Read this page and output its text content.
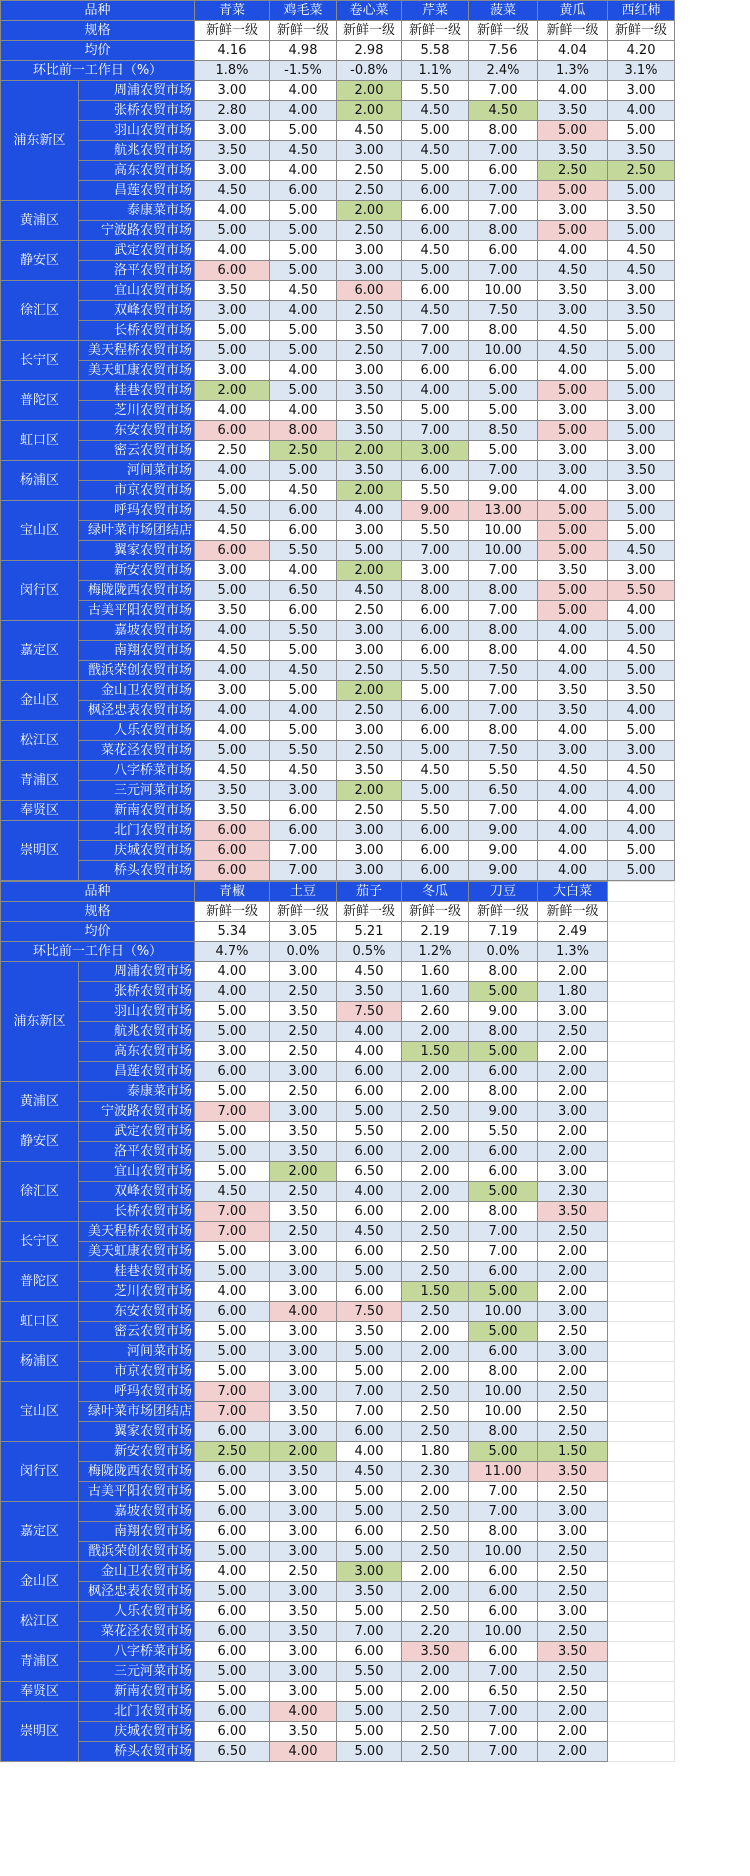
品种		青菜	鸡毛菜	卷心菜	芹菜	菠菜	黄瓜	西红柿
规格		新鲜一级	新鲜一级	新鲜一级	新鲜一级	新鲜一级	新鲜一级	新鲜一级
均价		4.16	4.98	2.98	5.58	7.56	4.04	4.20
环比前一工作日（%）		1.8%	-1.5%	-0.8%	1.1%	2.4%	1.3%	3.1%
浦东新区	周浦农贸市场	3.00	4.00	2.00	5.50	7.00	4.00	3.00
	张桥农贸市场	2.80	4.00	2.00	4.50	4.50	3.50	4.00
	羽山农贸市场	3.00	5.00	4.50	5.00	8.00	5.00	5.00
	航兆农贸市场	3.50	4.50	3.00	4.50	7.00	3.50	3.50
	高东农贸市场	3.00	4.00	2.50	5.00	6.00	2.50	2.50
	昌莲农贸市场	4.50	6.00	2.50	6.00	7.00	5.00	5.00
黄浦区	泰康菜市场	4.00	5.00	2.00	6.00	7.00	3.00	3.50
	宁波路农贸市场	5.00	5.00	2.50	6.00	8.00	5.00	5.00
静安区	武定农贸市场	4.00	5.00	3.00	4.50	6.00	4.00	4.50
	洛平农贸市场	6.00	5.00	3.00	5.00	7.00	4.50	4.50
徐汇区	宜山农贸市场	3.50	4.50	6.00	6.00	10.00	3.50	3.00
	双峰农贸市场	3.00	4.00	2.50	4.50	7.50	3.00	3.50
	长桥农贸市场	5.00	5.00	3.50	7.00	8.00	4.50	5.00
长宁区	美天程桥农贸市场	5.00	5.00	2.50	7.00	10.00	4.50	5.00
	美天虹康农贸市场	3.00	4.00	3.00	6.00	6.00	4.00	5.00
普陀区	桂巷农贸市场	2.00	5.00	3.50	4.00	5.00	5.00	5.00
	芝川农贸市场	4.00	4.00	3.50	5.00	5.00	3.00	3.00
虹口区	东安农贸市场	6.00	8.00	3.50	7.00	8.50	5.00	5.00
	密云农贸市场	2.50	2.50	2.00	3.00	5.00	3.00	3.00
杨浦区	河间菜市场	4.00	5.00	3.50	6.00	7.00	3.00	3.50
	市京农贸市场	5.00	4.50	2.00	5.50	9.00	4.00	3.00
宝山区	呼玛农贸市场	4.50	6.00	4.00	9.00	13.00	5.00	5.00
	绿叶菜市场团结店	4.50	6.00	3.00	5.50	10.00	5.00	5.00
	翼家农贸市场	6.00	5.50	5.00	7.00	10.00	5.00	4.50
闵行区	新安农贸市场	3.00	4.00	2.00	3.00	7.00	3.50	3.00
	梅陇陇西农贸市场	5.00	6.50	4.50	8.00	8.00	5.00	5.50
	古美平阳农贸市场	3.50	6.00	2.50	6.00	7.00	5.00	4.00
嘉定区	嘉坡农贸市场	4.00	5.50	3.00	6.00	8.00	4.00	5.00
	南翔农贸市场	4.50	5.00	3.00	6.00	8.00	4.00	4.50
	戬浜荣创农贸市场	4.00	4.50	2.50	5.50	7.50	4.00	5.00
金山区	金山卫农贸市场	3.00	5.00	2.00	5.00	7.00	3.50	3.50
	枫泾忠表农贸市场	4.00	4.00	2.50	6.00	7.00	3.50	4.00
松江区	人乐农贸市场	4.00	5.00	3.00	6.00	8.00	4.00	5.00
	菜花泾农贸市场	5.00	5.50	2.50	5.00	7.50	3.00	3.00
青浦区	八字桥菜市场	4.50	4.50	3.50	4.50	5.50	4.50	4.50
	三元河菜市场	3.50	3.00	2.00	5.00	6.50	4.00	4.00
奉贤区	新南农贸市场	3.50	6.00	2.50	5.50	7.00	4.00	4.00
崇明区	北门农贸市场	6.00	6.00	3.00	6.00	9.00	4.00	4.00
	庆城农贸市场	6.00	7.00	3.00	6.00	9.00	4.00	5.00
	桥头农贸市场	6.00	7.00	3.00	6.00	9.00	4.00	5.00
品种		青椒	土豆	茄子	冬瓜	刀豆	大白菜	
规格		新鲜一级	新鲜一级	新鲜一级	新鲜一级	新鲜一级	新鲜一级	
均价		5.34	3.05	5.21	2.19	7.19	2.49	
环比前一工作日（%）		4.7%	0.0%	0.5%	1.2%	0.0%	1.3%	
浦东新区	周浦农贸市场	4.00	3.00	4.50	1.60	8.00	2.00	
	张桥农贸市场	4.00	2.50	3.50	1.60	5.00	1.80	
	羽山农贸市场	5.00	3.50	7.50	2.60	9.00	3.00	
	航兆农贸市场	5.00	2.50	4.00	2.00	8.00	2.50	
	高东农贸市场	3.00	2.50	4.00	1.50	5.00	2.00	
	昌莲农贸市场	6.00	3.00	6.00	2.00	6.00	2.00	
黄浦区	泰康菜市场	5.00	2.50	6.00	2.00	8.00	2.00	
	宁波路农贸市场	7.00	3.00	5.00	2.50	9.00	3.00	
静安区	武定农贸市场	5.00	3.50	5.50	2.00	5.50	2.00	
	洛平农贸市场	5.00	3.50	6.00	2.00	6.00	2.00	
徐汇区	宜山农贸市场	5.00	2.00	6.50	2.00	6.00	3.00	
	双峰农贸市场	4.50	2.50	4.00	2.00	5.00	2.30	
	长桥农贸市场	7.00	3.50	6.00	2.00	8.00	3.50	
长宁区	美天程桥农贸市场	7.00	2.50	4.50	2.50	7.00	2.50	
	美天虹康农贸市场	5.00	3.00	6.00	2.50	7.00	2.00	
普陀区	桂巷农贸市场	5.00	3.00	5.00	2.50	6.00	2.00	
	芝川农贸市场	4.00	3.00	6.00	1.50	5.00	2.00	
虹口区	东安农贸市场	6.00	4.00	7.50	2.50	10.00	3.00	
	密云农贸市场	5.00	3.00	3.50	2.00	5.00	2.50	
杨浦区	河间菜市场	5.00	3.00	5.00	2.00	6.00	3.00	
	市京农贸市场	5.00	3.00	5.00	2.00	8.00	2.00	
宝山区	呼玛农贸市场	7.00	3.00	7.00	2.50	10.00	2.50	
	绿叶菜市场团结店	7.00	3.50	7.00	2.50	10.00	2.50	
	翼家农贸市场	6.00	3.00	6.00	2.50	8.00	2.50	
闵行区	新安农贸市场	2.50	2.00	4.00	1.80	5.00	1.50	
	梅陇陇西农贸市场	6.00	3.50	4.50	2.30	11.00	3.50	
	古美平阳农贸市场	5.00	3.00	5.00	2.00	7.00	2.50	
嘉定区	嘉坡农贸市场	6.00	3.00	5.00	2.50	7.00	3.00	
	南翔农贸市场	6.00	3.00	6.00	2.50	8.00	3.00	
	戬浜荣创农贸市场	5.00	3.00	5.00	2.50	10.00	2.50	
金山区	金山卫农贸市场	4.00	2.50	3.00	2.00	6.00	2.50	
	枫泾忠表农贸市场	5.00	3.00	3.50	2.00	6.00	2.50	
松江区	人乐农贸市场	6.00	3.50	5.00	2.50	6.00	3.00	
	菜花泾农贸市场	6.00	3.50	7.00	2.20	10.00	2.50	
青浦区	八字桥菜市场	6.00	3.00	6.00	3.50	6.00	3.50	
	三元河菜市场	5.00	3.00	5.50	2.00	7.00	2.50	
奉贤区	新南农贸市场	5.00	3.00	5.00	2.00	6.50	2.50	
崇明区	北门农贸市场	6.00	4.00	5.00	2.50	7.00	2.00	
	庆城农贸市场	6.00	3.50	5.00	2.50	7.00	2.00	
	桥头农贸市场	6.50	4.00	5.00	2.50	7.00	2.00	
